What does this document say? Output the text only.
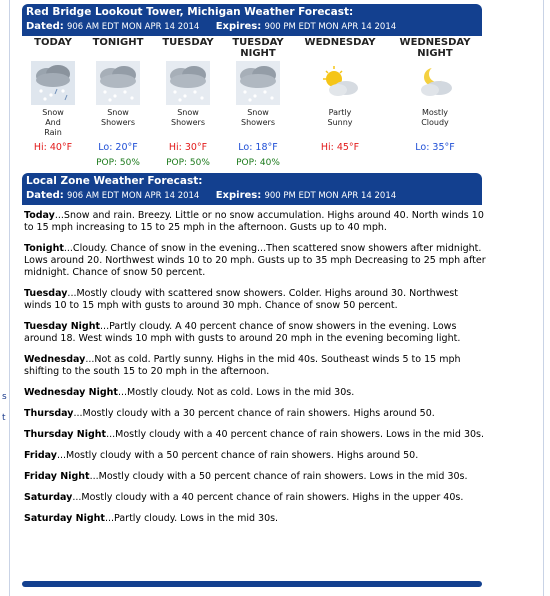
s
t
Red Bridge Lookout Tower, Michigan Weather Forecast:
Dated: 906 AM EDT MON APR 14 2014 Expires: 900 PM EDT MON APR 14 2014
TODAY
Snow
And
Rain
Hi: 40°F
TONIGHT
Snow
Showers
Lo: 20°F
POP: 50%
TUESDAY
Snow
Showers
Hi: 30°F
POP: 50%
TUESDAY
NIGHT
Snow
Showers
Lo: 18°F
POP: 40%
WEDNESDAY
Partly
Sunny
Hi: 45°F
WEDNESDAY
NIGHT
Mostly
Cloudy
Lo: 35°F
Local Zone Weather Forecast:
Dated: 906 AM EDT MON APR 14 2014 Expires: 900 PM EDT MON APR 14 2014
Today...Snow and rain. Breezy. Little or no snow accumulation. Highs around 40. North winds 10 to 15 mph increasing to 15 to 25 mph in the afternoon. Gusts up to 40 mph.
Tonight...Cloudy. Chance of snow in the evening...Then scattered snow showers after midnight. Lows around 20. Northwest winds 10 to 20 mph. Gusts up to 35 mph Decreasing to 25 mph after midnight. Chance of snow 50 percent.
Tuesday...Mostly cloudy with scattered snow showers. Colder. Highs around 30. Northwest winds 10 to 15 mph with gusts to around 30 mph. Chance of snow 50 percent.
Tuesday Night...Partly cloudy. A 40 percent chance of snow showers in the evening. Lows around 18. West winds 10 mph with gusts to around 20 mph in the evening becoming light.
Wednesday...Not as cold. Partly sunny. Highs in the mid 40s. Southeast winds 5 to 15 mph shifting to the south 15 to 20 mph in the afternoon.
Wednesday Night...Mostly cloudy. Not as cold. Lows in the mid 30s.
Thursday...Mostly cloudy with a 30 percent chance of rain showers. Highs around 50.
Thursday Night...Mostly cloudy with a 40 percent chance of rain showers. Lows in the mid 30s.
Friday...Mostly cloudy with a 50 percent chance of rain showers. Highs around 50.
Friday Night...Mostly cloudy with a 50 percent chance of rain showers. Lows in the mid 30s.
Saturday...Mostly cloudy with a 40 percent chance of rain showers. Highs in the upper 40s.
Saturday Night...Partly cloudy. Lows in the mid 30s.
